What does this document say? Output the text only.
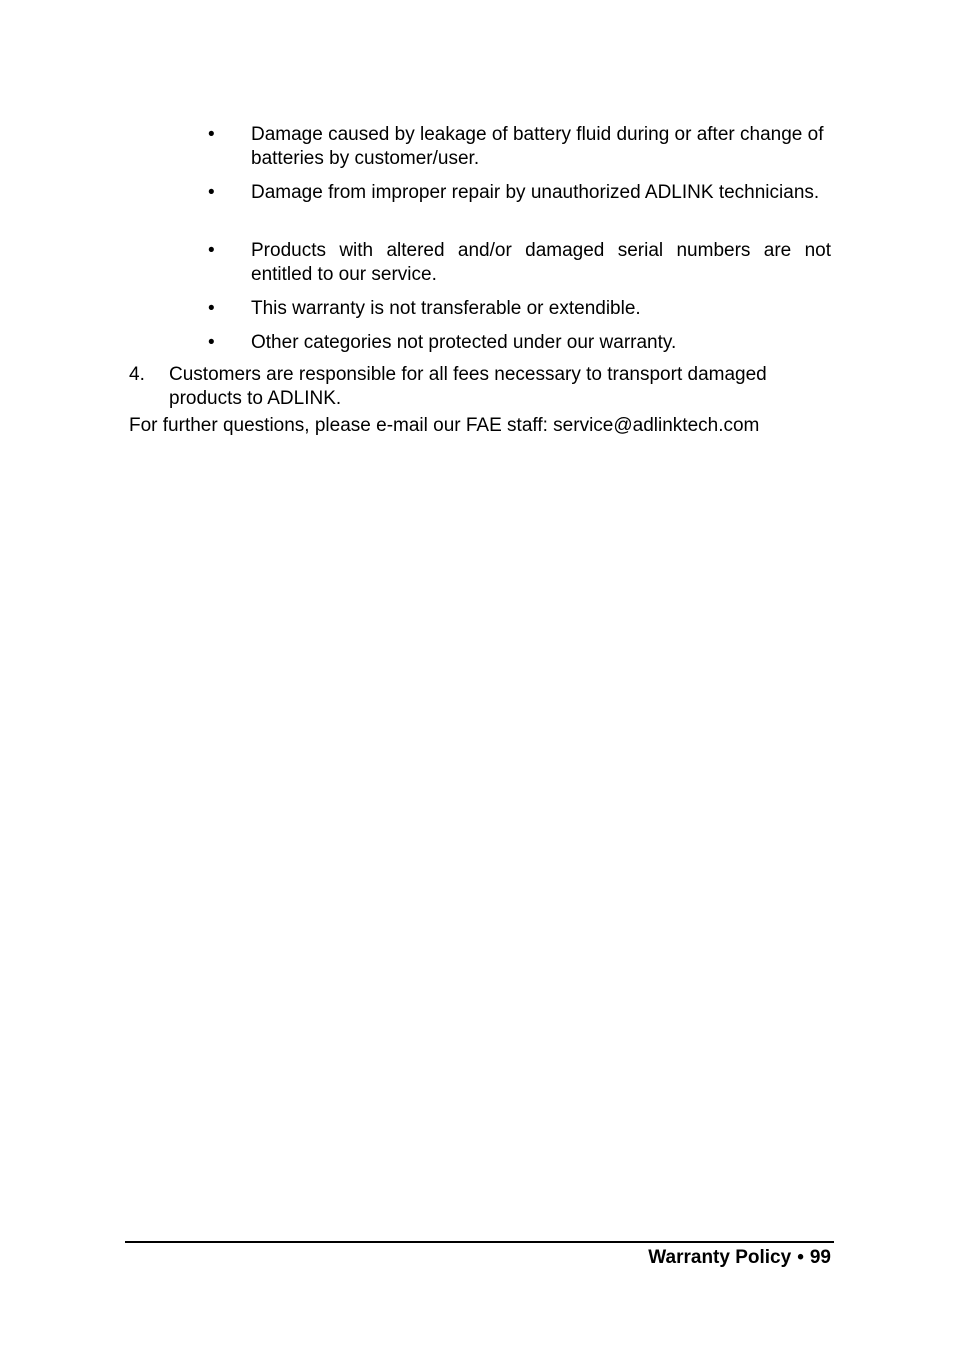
• Damage caused by leakage of battery fluid during or after change of batteries by customer/user.
• Damage from improper repair by unauthorized ADLINK technicians.
• Products with altered and/or damaged serial numbers are not entitled to our service.
• This warranty is not transferable or extendible.
• Other categories not protected under our warranty.
4. Customers are responsible for all fees necessary to transport damaged products to ADLINK.
For further questions, please e-mail our FAE staff: service@adlinktech.com
Warranty Policy • 99
